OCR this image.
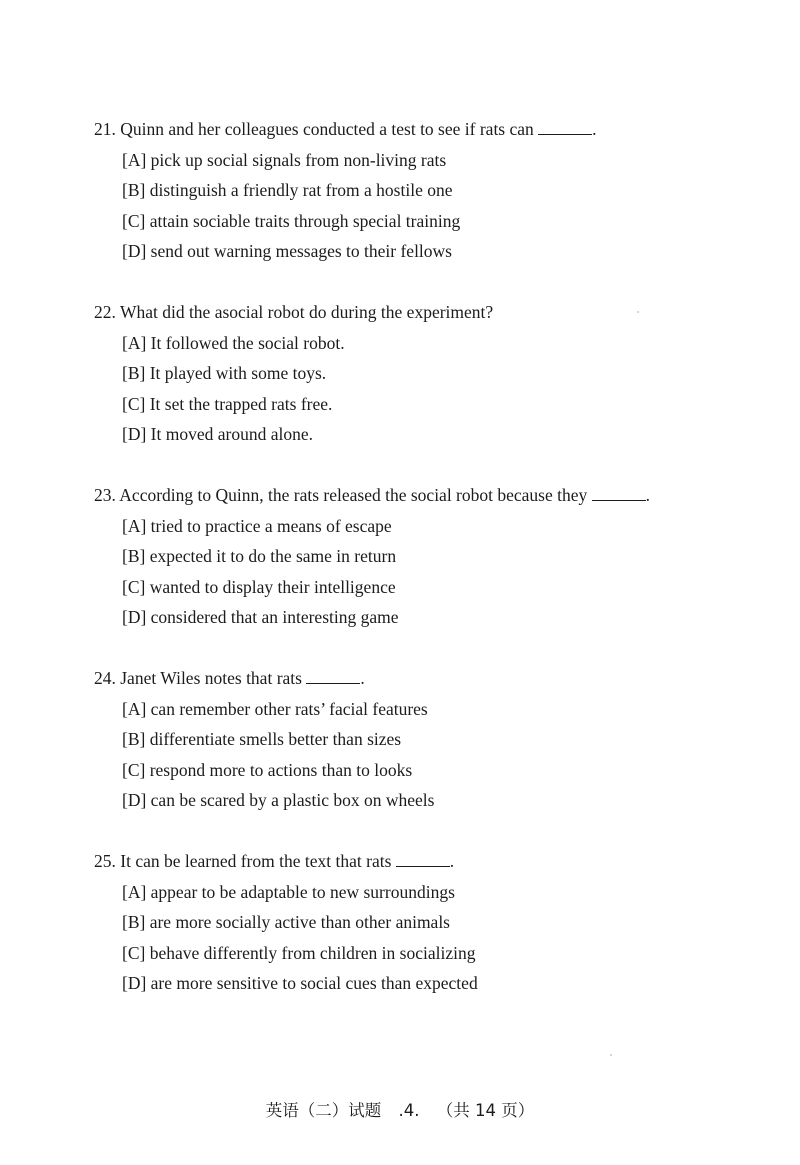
21. Quinn and her colleagues conducted a test to see if rats can	.
[A] pick up social signals from non-living rats
[B] distinguish a friendly rat from a hostile one
[C] attain sociable traits through special training
[D] send out warning messages to their fellows
22. What did the asocial robot do during the experiment?
[A] It followed the social robot.
[B] It played with some toys.
[C] It set the trapped rats free.
[D] It moved around alone.
23. According to Quinn, the rats released the social robot because they	.
[A] tried to practice a means of escape
[B] expected it to do the same in return
[C] wanted to display their intelligence
[D] considered that an interesting game
24. Janet Wiles notes that rats	.
[A] can remember other rats’ facial features
[B] differentiate smells better than sizes
[C] respond more to actions than to looks
[D] can be scared by a plastic box on wheels
25. It can be learned from the text that rats	.
[A] appear to be adaptable to new surroundings
[B] are more socially active than other animals
[C] behave differently from children in socializing
[D] are more sensitive to social cues than expected
英语（二）试题 .4. （共 14 页）
